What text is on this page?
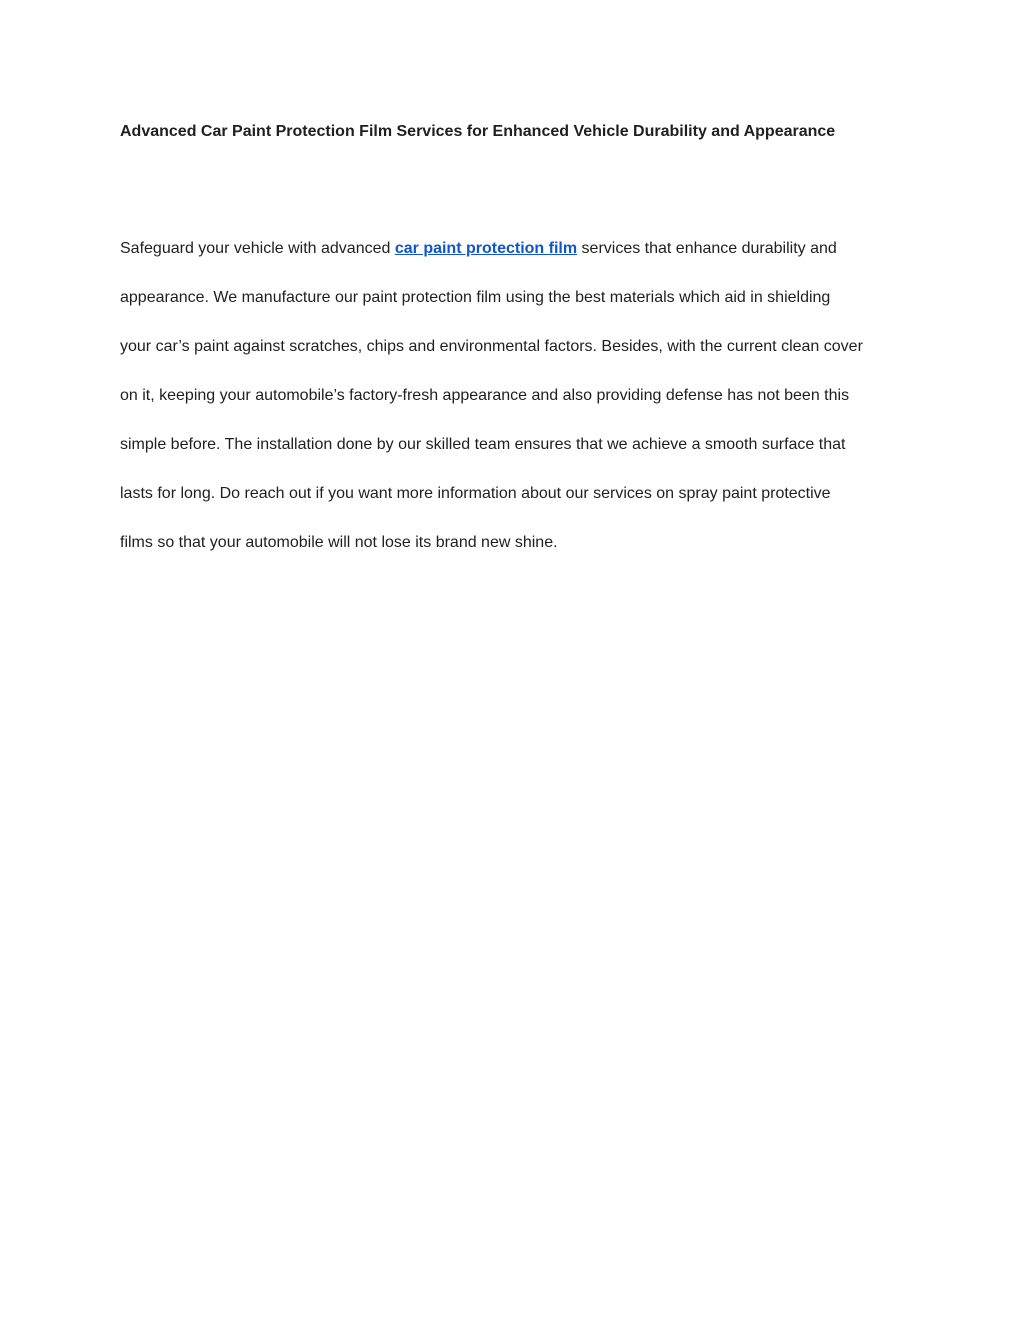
Advanced Car Paint Protection Film Services for Enhanced Vehicle Durability and Appearance
Safeguard your vehicle with advanced car paint protection film services that enhance durability and
appearance. We manufacture our paint protection film using the best materials which aid in shielding
your car’s paint against scratches, chips and environmental factors. Besides, with the current clean cover
on it, keeping your automobile’s factory-fresh appearance and also providing defense has not been this
simple before. The installation done by our skilled team ensures that we achieve a smooth surface that
lasts for long. Do reach out if you want more information about our services on spray paint protective
films so that your automobile will not lose its brand new shine.
